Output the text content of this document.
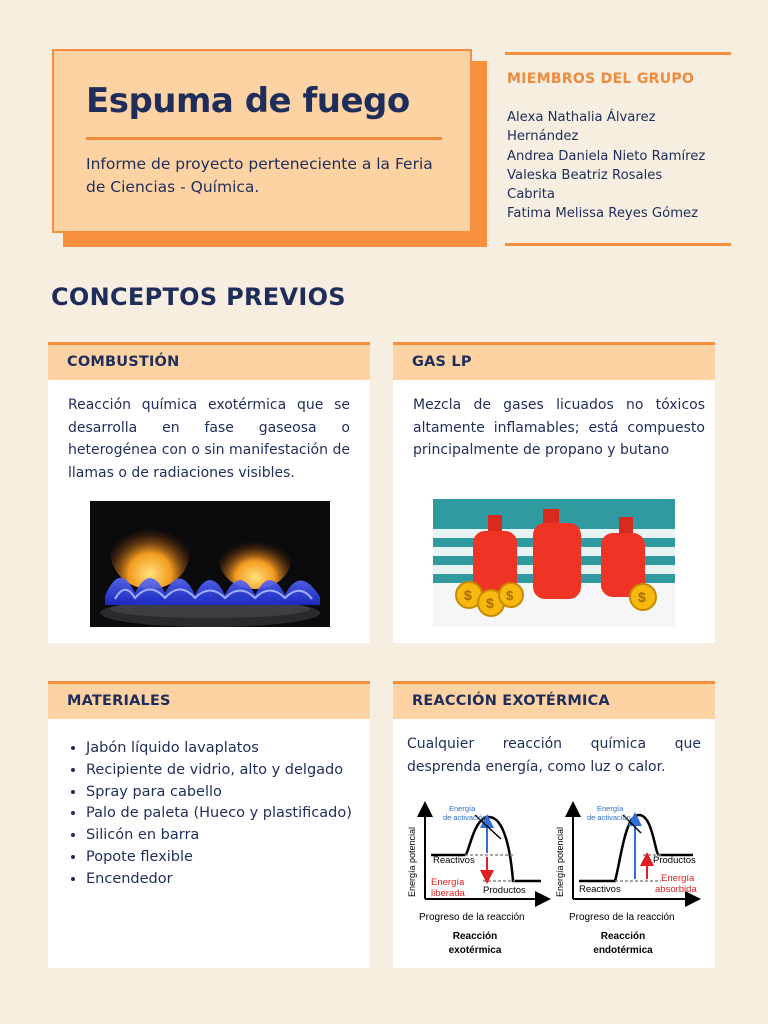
Espuma de fuego
Informe de proyecto perteneciente a la Feria de Ciencias - Química.
MIEMBROS DEL GRUPO
Alexa Nathalia Álvarez
Hernández
Andrea Daniela Nieto Ramírez
Valeska Beatriz Rosales
Cabrita
Fatima Melissa Reyes Gómez
CONCEPTOS PREVIOS
COMBUSTIÓN
Reacción química exotérmica que se desarrolla en fase gaseosa o heterogénea con o sin manifestación de llamas o de radiaciones visibles.
GAS LP
Mezcla de gases licuados no tóxicos altamente inflamables; está compuesto principalmente de propano y butano
$ $ $	$
MATERIALES
• Jabón líquido lavaplatos
• Recipiente de vidrio, alto y delgado
• Spray para cabello
• Palo de paleta (Hueco y plastificado)
• Silicón en barra
• Popote flexible
• Encendedor
REACCIÓN EXOTÉRMICA
Cualquier reacción química que desprenda energía, como luz o calor.
Energía
de activación
Reactivos
Productos
Energía
liberada
Energía potencial
Progreso de la reacción
Reacción
exotérmica
Energía
de activación
Reactivos
Productos
Energía
absorbida
Energía potencial
Progreso de la reacción
Reacción
endotérmica
